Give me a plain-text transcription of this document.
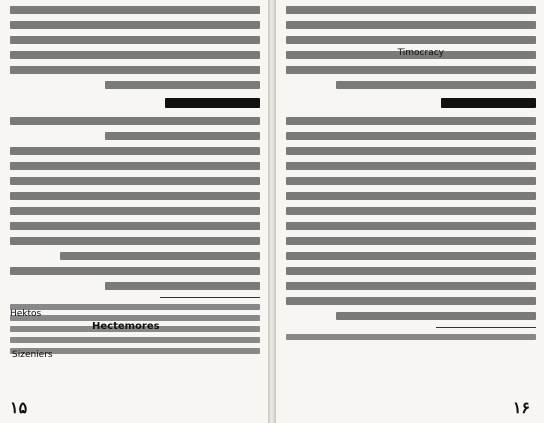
Hektos
Hectemores
Sizeniers
۱۵
Timocracy
۱۶
